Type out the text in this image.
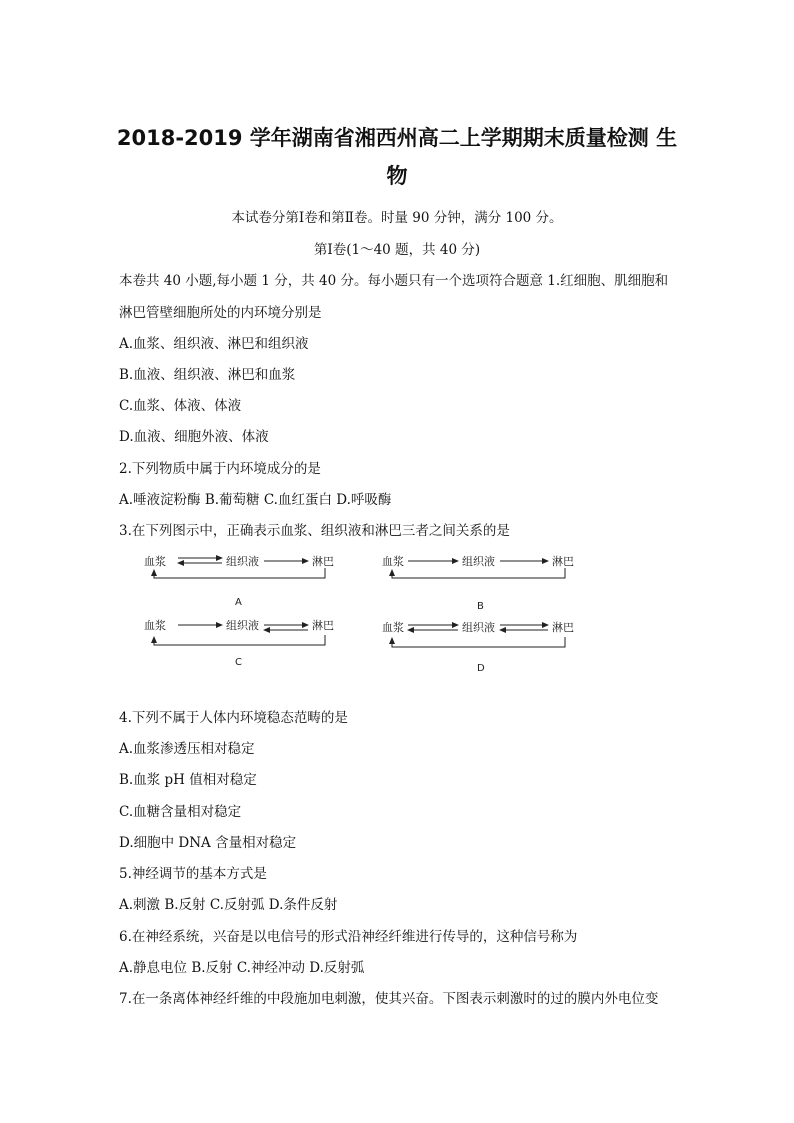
2018-2019 学年湖南省湘西州高二上学期期末质量检测 生
物
本试卷分第Ⅰ卷和第Ⅱ卷。时量 90 分钟，满分 100 分。
第Ⅰ卷(1～40 题，共 40 分)
本卷共 40 小题,每小题 1 分，共 40 分。每小题只有一个选项符合题意 1.红细胞、肌细胞和
淋巴管壁细胞所处的内环境分别是
A.血浆、组织液、淋巴和组织液
B.血液、组织液、淋巴和血浆
C.血浆、体液、体液
D.血液、细胞外液、体液
2.下列物质中属于内环境成分的是
A.唾液淀粉酶 B.葡萄糖 C.血红蛋白 D.呼吸酶
3.在下列图示中，正确表示血浆、组织液和淋巴三者之间关系的是
血浆	组织液	淋巴
A
血浆	组织液	淋巴
B
血浆	组织液	淋巴
C
血浆	组织液	淋巴
D
4.下列不属于人体内环境稳态范畴的是
A.血浆渗透压相对稳定
B.血浆 pH 值相对稳定
C.血糖含量相对稳定
D.细胞中 DNA 含量相对稳定
5.神经调节的基本方式是
A.刺激 B.反射 C.反射弧 D.条件反射
6.在神经系统，兴奋是以电信号的形式沿神经纤维进行传导的，这种信号称为
A.静息电位 B.反射 C.神经冲动 D.反射弧
7.在一条离体神经纤维的中段施加电刺激，使其兴奋。下图表示刺激时的过的膜内外电位变
